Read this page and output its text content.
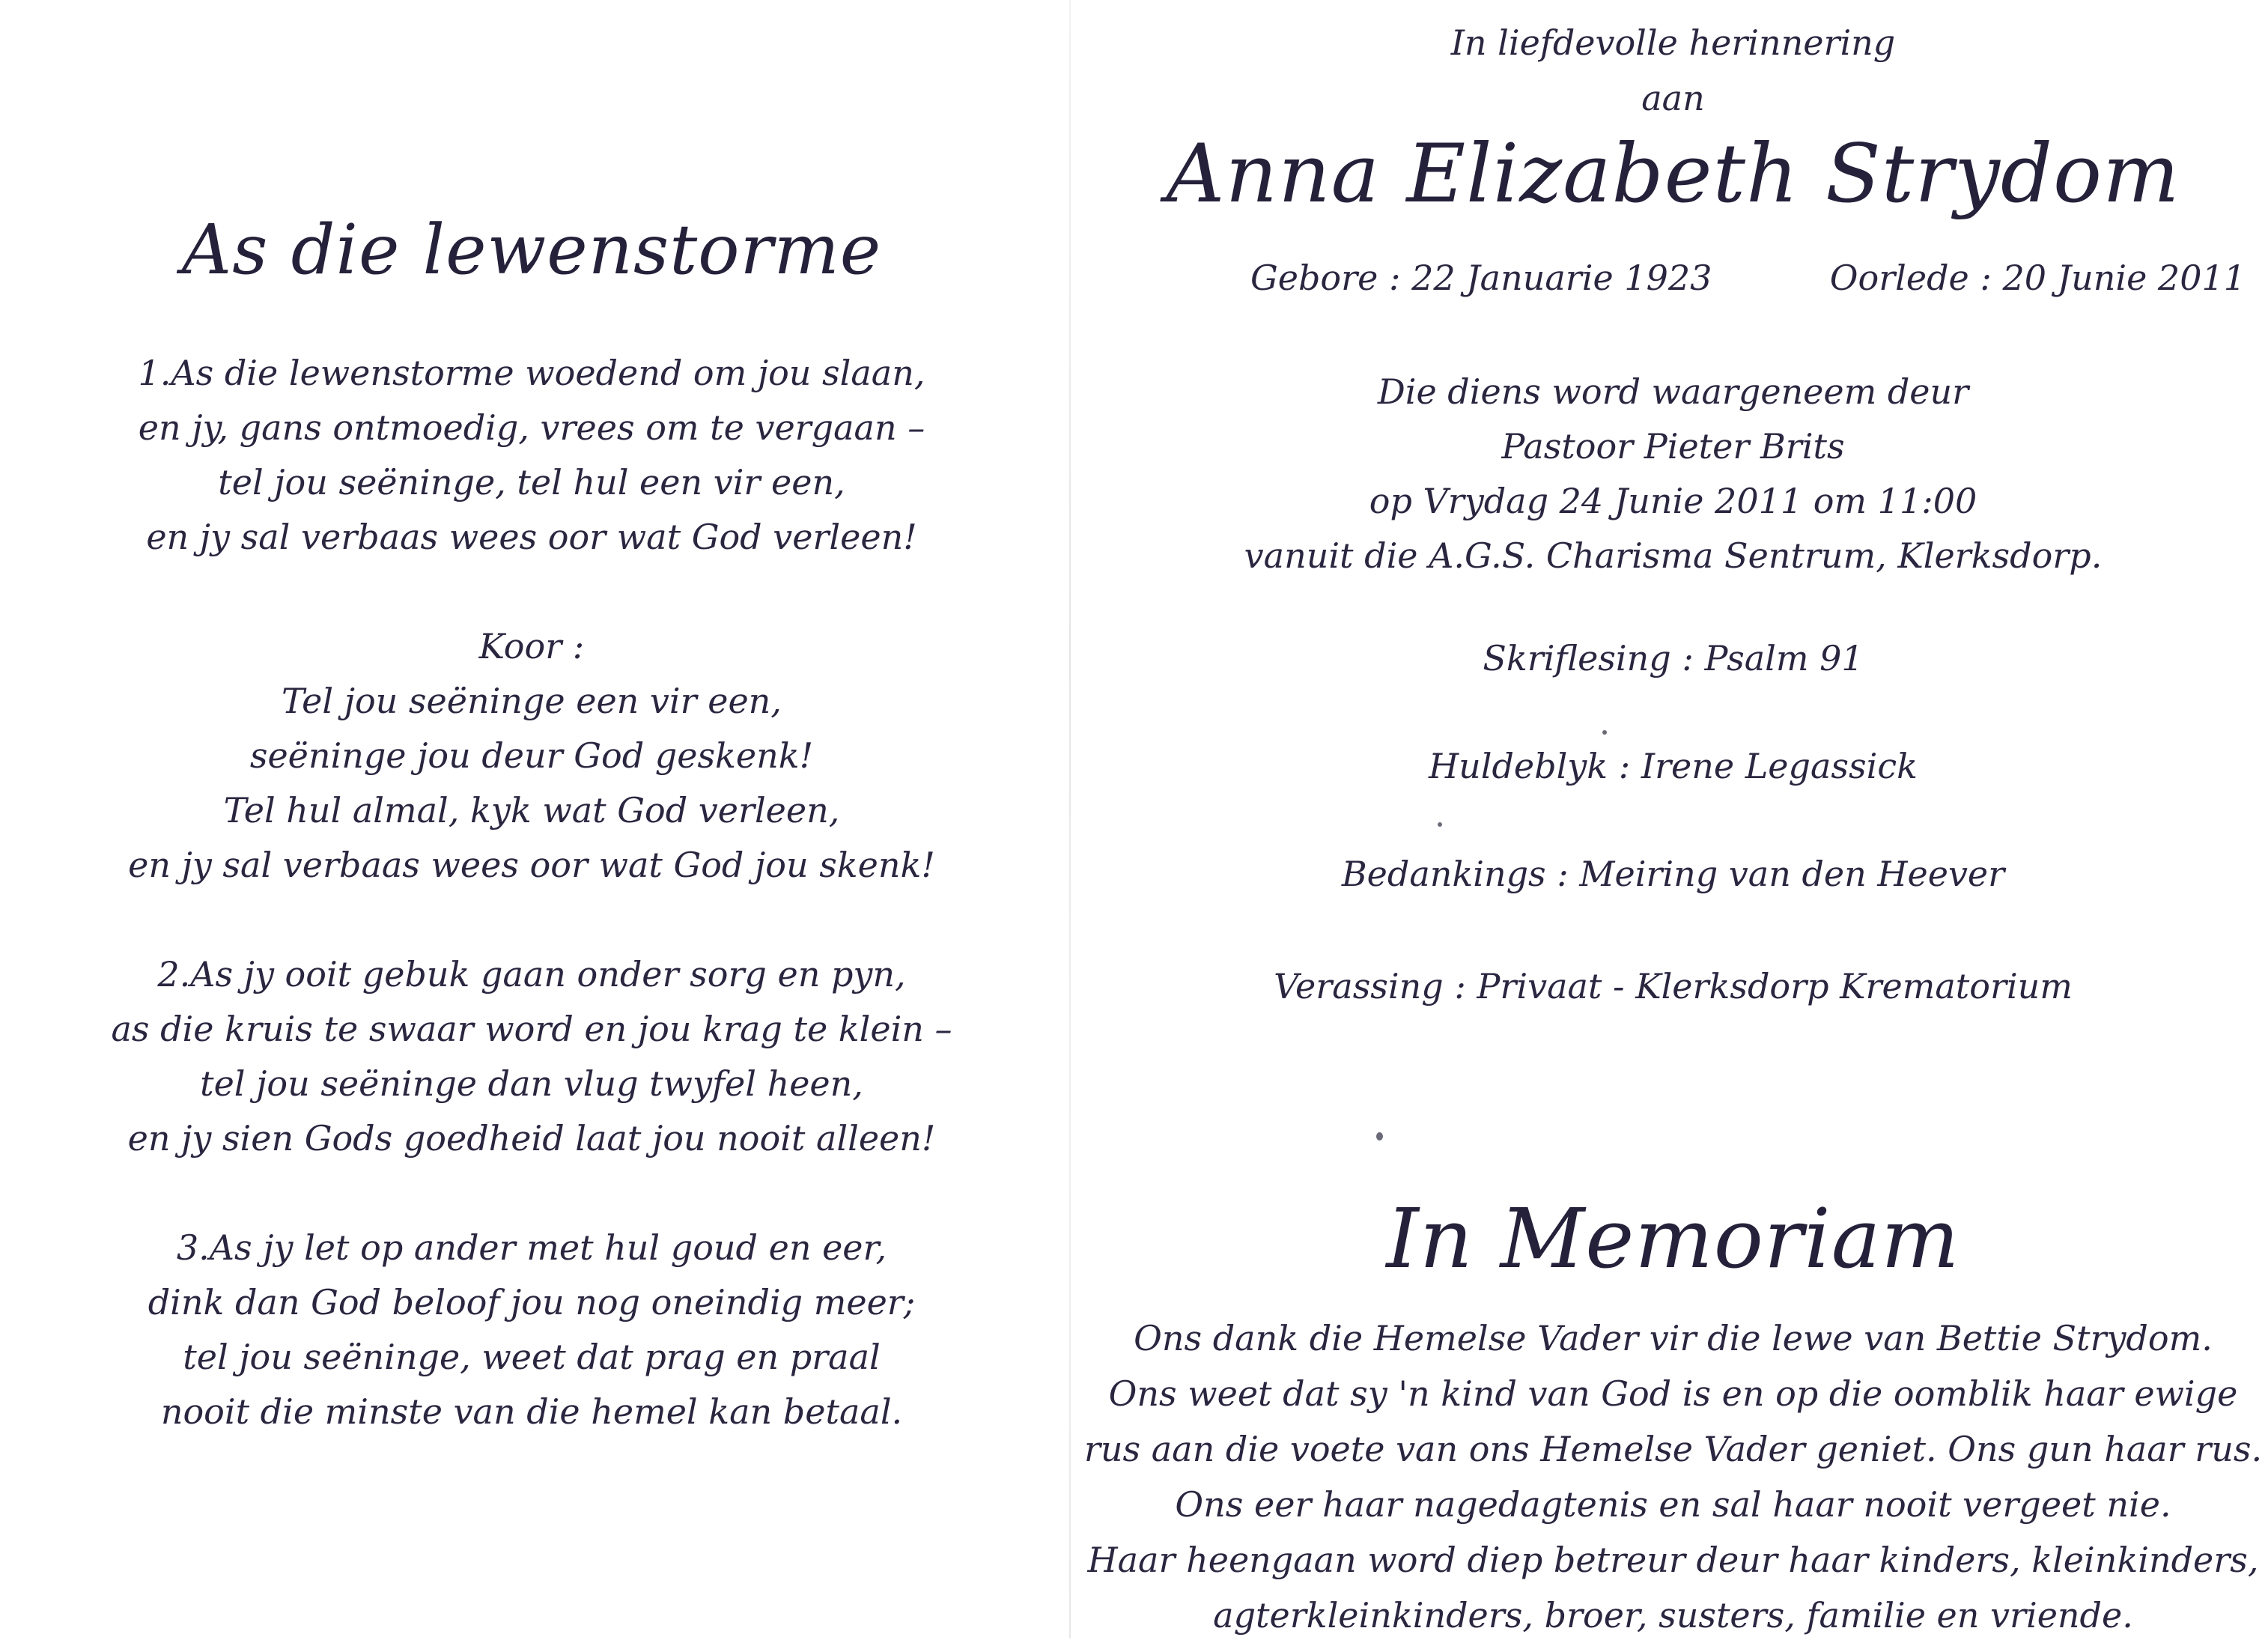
As die lewenstorme
1.As die lewenstorme woedend om jou slaan,
en jy, gans ontmoedig, vrees om te vergaan –
tel jou seëninge, tel hul een vir een,
en jy sal verbaas wees oor wat God verleen!
Koor :
Tel jou seëninge een vir een,
seëninge jou deur God geskenk!
Tel hul almal, kyk wat God verleen,
en jy sal verbaas wees oor wat God jou skenk!
2.As jy ooit gebuk gaan onder sorg en pyn,
as die kruis te swaar word en jou krag te klein –
tel jou seëninge dan vlug twyfel heen,
en jy sien Gods goedheid laat jou nooit alleen!
3.As jy let op ander met hul goud en eer,
dink dan God beloof jou nog oneindig meer;
tel jou seëninge, weet dat prag en praal
nooit die minste van die hemel kan betaal.
In liefdevolle herinnering
aan
Anna Elizabeth Strydom
Gebore : 22 Januarie 1923	Oorlede : 20 Junie 2011
Die diens word waargeneem deur
Pastoor Pieter Brits
op Vrydag 24 Junie 2011 om 11:00
vanuit die A.G.S. Charisma Sentrum, Klerksdorp.
Skriflesing : Psalm 91
Huldeblyk : Irene Legassick
Bedankings : Meiring van den Heever
Verassing : Privaat - Klerksdorp Krematorium
In Memoriam
Ons dank die Hemelse Vader vir die lewe van Bettie Strydom.
Ons weet dat sy 'n kind van God is en op die oomblik haar ewige
rus aan die voete van ons Hemelse Vader geniet. Ons gun haar rus.
Ons eer haar nagedagtenis en sal haar nooit vergeet nie.
Haar heengaan word diep betreur deur haar kinders, kleinkinders,
agterkleinkinders, broer, susters, familie en vriende.
